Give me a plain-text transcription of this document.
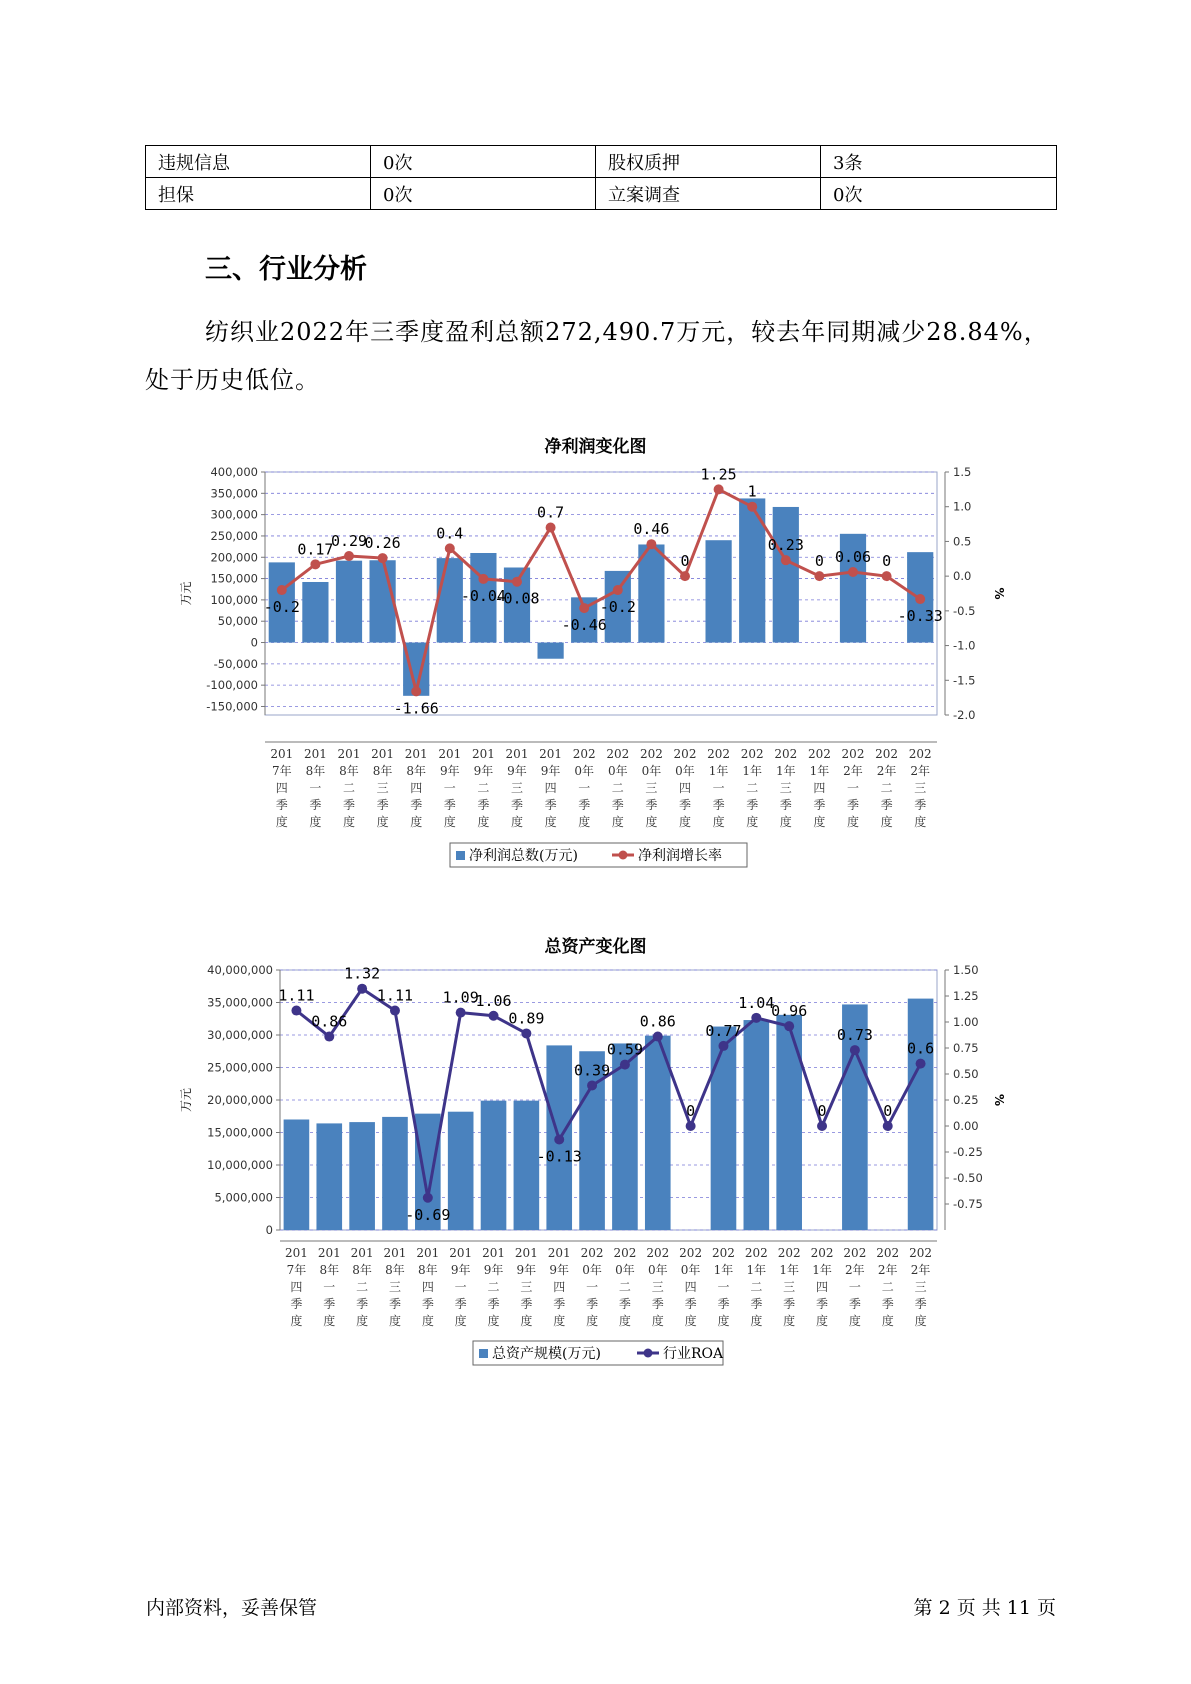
违规信息	0次	股权质押	3条
担保	0次	立案调查	0次
三、行业分析

纺织业2022年三季度盈利总额272,490.7万元，较去年同期减少28.84%，处于历史低位。

净利润变化图
400,000
350,000
300,000
250,000
200,000
150,000
100,000
50,000
0
-50,000
-100,000
-150,000
1.5
1.0
0.5
0.0
-0.5
-1.0
-1.5
-2.0
万元	%
-0.2
0.17
0.29
0.26
-1.66
0.4
-0.04
-0.08
0.7
-0.46
-0.2
0.46
0
1.25
1
0.23
0 0.06 0
-0.33
201 7年四季度
201 8年一季度
201 8年二季度
201 8年三季度
201 8年四季度
201 9年一季度
201 9年二季度
201 9年三季度
201 9年四季度
202 0年一季度
202 0年二季度
202 0年三季度
202 0年四季度
202 1年一季度
202 1年二季度
202 1年三季度
202 1年四季度
202 2年一季度
202 2年二季度
202 2年三季度
净利润总数(万元)	净利润增长率
总资产变化图
40,000,000
35,000,000
30,000,000
25,000,000
20,000,000
15,000,000
10,000,000
5,000,000
0
1.50
1.25
1.00
0.75
0.50
0.25
0.00
-0.25
-0.50
-0.75
万元	%
1.11
0.86
1.32
1.11
-0.69
1.09
1.06
0.89
-0.13
0.39
0.59
0.86
0
0.77
1.04
0.96
0
0.73
0
0.6
201 7年四季度
201 8年一季度
201 8年二季度
201 8年三季度
201 8年四季度
201 9年一季度
201 9年二季度
201 9年三季度
201 9年四季度
202 0年一季度
202 0年二季度
202 0年三季度
202 0年四季度
202 1年一季度
202 1年二季度
202 1年三季度
202 1年四季度
202 2年一季度
202 2年二季度
202 2年三季度
总资产规模(万元)	行业ROA
内部资料，妥善保管	第 2 页 共 11 页
